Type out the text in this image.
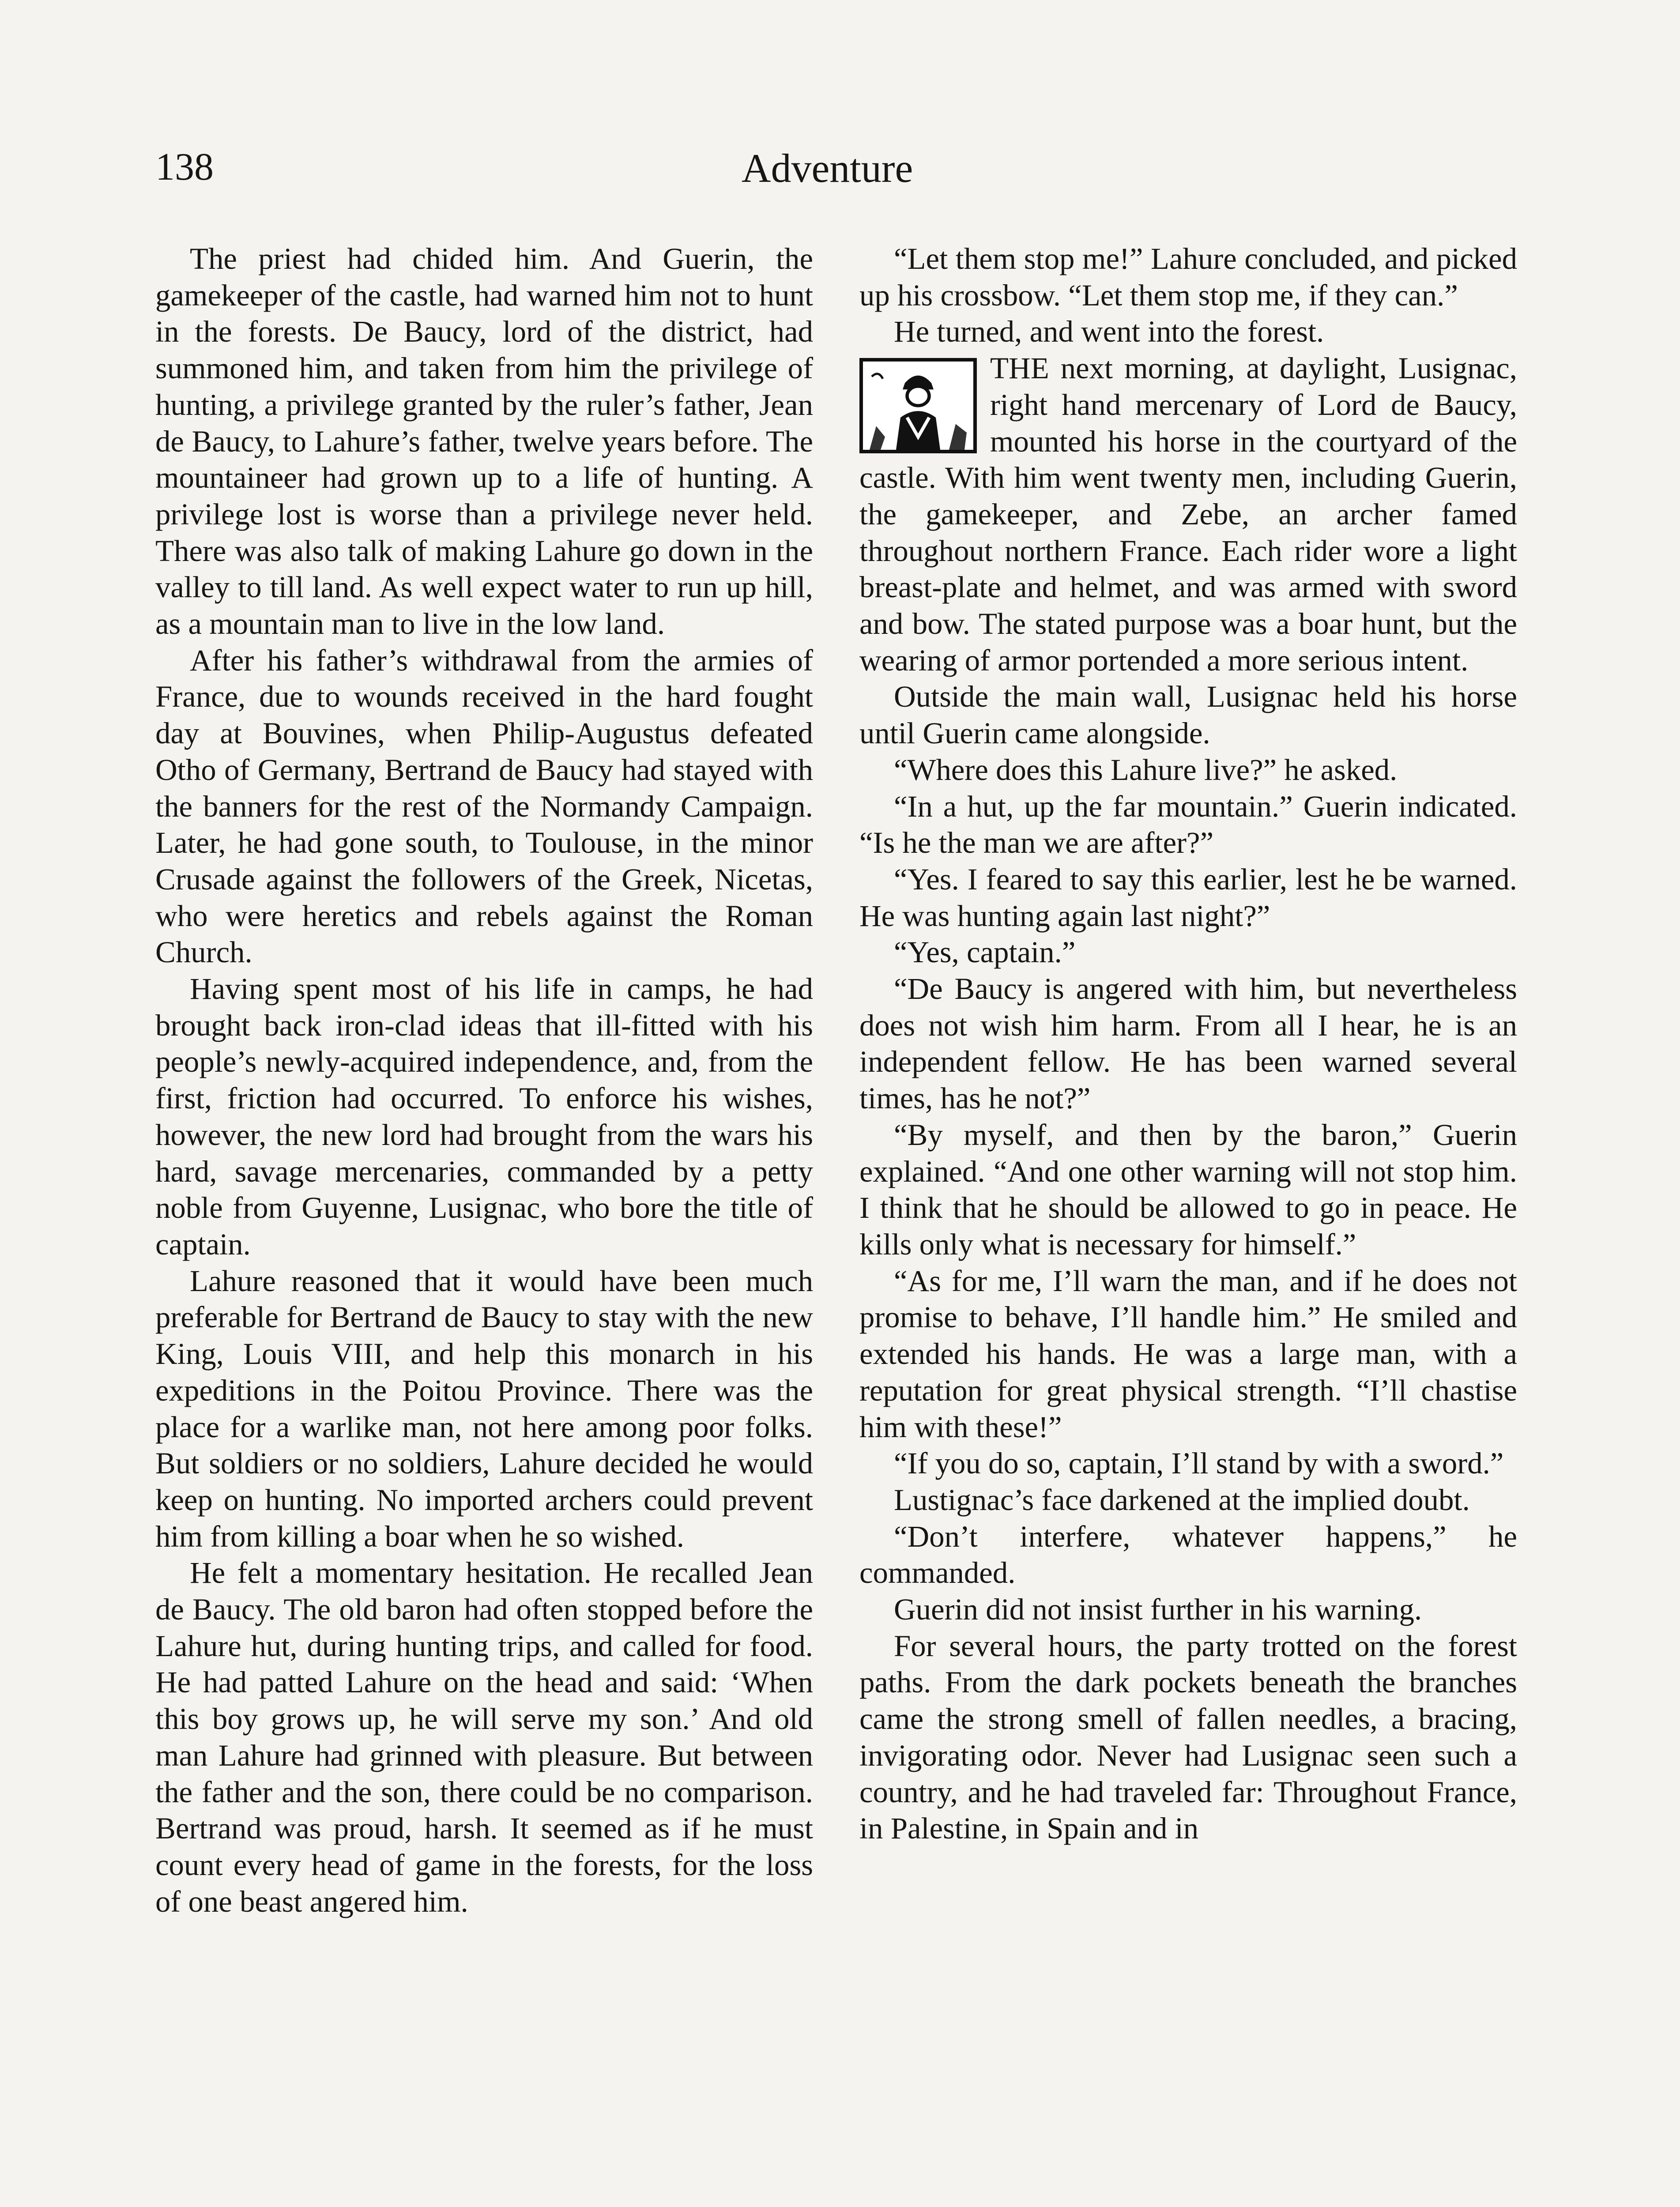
138	Adventure

The priest had chided him. And Guerin, the gamekeeper of the castle, had warned him not to hunt in the forests. De Baucy, lord of the district, had summoned him, and taken from him the privilege of hunting, a privilege granted by the ruler’s father, Jean de Baucy, to Lahure’s father, twelve years before. The mountaineer had grown up to a life of hunting. A privilege lost is worse than a privilege never held. There was also talk of making Lahure go down in the valley to till land. As well expect water to run up hill, as a mountain man to live in the low land.

After his father’s withdrawal from the armies of France, due to wounds received in the hard fought day at Bouvines, when Philip-Augustus defeated Otho of Germany, Bertrand de Baucy had stayed with the banners for the rest of the Normandy Campaign. Later, he had gone south, to Toulouse, in the minor Crusade against the followers of the Greek, Nicetas, who were heretics and rebels against the Roman Church.

Having spent most of his life in camps, he had brought back iron-clad ideas that ill-fitted with his people’s newly-acquired independence, and, from the first, friction had occurred. To enforce his wishes, however, the new lord had brought from the wars his hard, savage mercenaries, commanded by a petty noble from Guyenne, Lusignac, who bore the title of captain.

Lahure reasoned that it would have been much preferable for Bertrand de Baucy to stay with the new King, Louis VIII, and help this monarch in his expeditions in the Poitou Province. There was the place for a warlike man, not here among poor folks. But soldiers or no soldiers, Lahure decided he would keep on hunting. No imported archers could prevent him from killing a boar when he so wished.

He felt a momentary hesitation. He recalled Jean de Baucy. The old baron had often stopped before the Lahure hut, during hunting trips, and called for food. He had patted Lahure on the head and said: ‘When this boy grows up, he will serve my son.’ And old man Lahure had grinned with pleasure. But between the father and the son, there could be no comparison. Bertrand was proud, harsh. It seemed as if he must count every head of game in the forests, for the loss of one beast angered him.

“Let them stop me!” Lahure concluded, and picked up his crossbow. “Let them stop me, if they can.”

He turned, and went into the forest.

THE next morning, at daylight, Lusignac, right hand mercenary of Lord de Baucy, mounted his horse in the courtyard of the castle. With him went twenty men, including Guerin, the gamekeeper, and Zebe, an archer famed throughout northern France. Each rider wore a light breast-plate and helmet, and was armed with sword and bow. The stated purpose was a boar hunt, but the wearing of armor portended a more serious intent.

Outside the main wall, Lusignac held his horse until Guerin came alongside.

“Where does this Lahure live?” he asked.

“In a hut, up the far mountain.” Guerin indicated. “Is he the man we are after?”

“Yes. I feared to say this earlier, lest he be warned. He was hunting again last night?”

“Yes, captain.”

“De Baucy is angered with him, but nevertheless does not wish him harm. From all I hear, he is an independent fellow. He has been warned several times, has he not?”

“By myself, and then by the baron,” Guerin explained. “And one other warning will not stop him. I think that he should be allowed to go in peace. He kills only what is necessary for himself.”

“As for me, I’ll warn the man, and if he does not promise to behave, I’ll handle him.” He smiled and extended his hands. He was a large man, with a reputation for great physical strength. “I’ll chastise him with these!”

“If you do so, captain, I’ll stand by with a sword.”

Lustignac’s face darkened at the implied doubt.

“Don’t interfere, whatever happens,” he commanded.

Guerin did not insist further in his warning.

For several hours, the party trotted on the forest paths. From the dark pockets beneath the branches came the strong smell of fallen needles, a bracing, invigorating odor. Never had Lusignac seen such a country, and he had traveled far: Throughout France, in Palestine, in Spain and in
